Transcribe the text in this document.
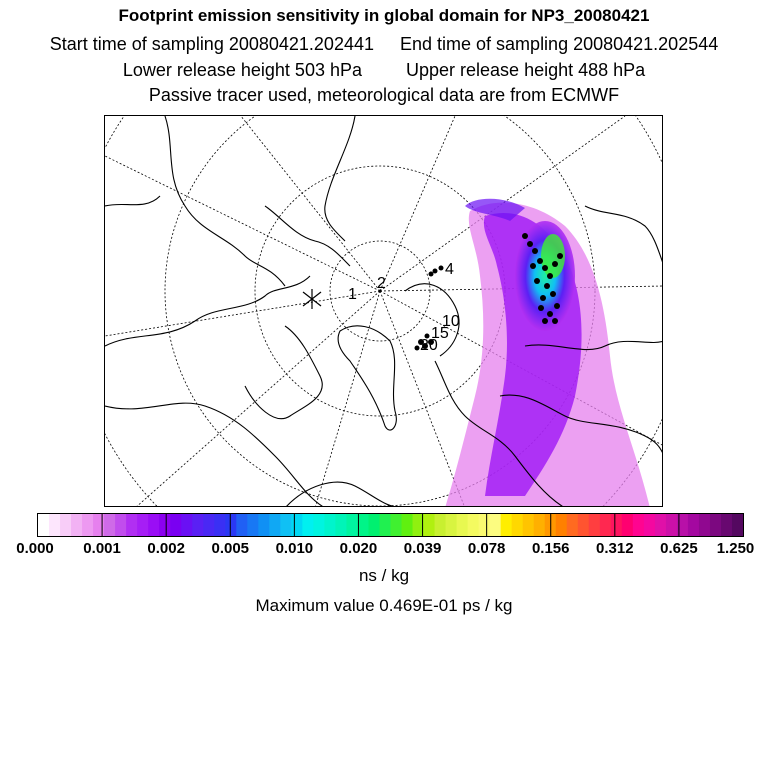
Footprint emission sensitivity in global domain for NP3_20080421
Start time of sampling 20080421.202441 End time of sampling 20080421.202544
Lower release height 503 hPa Upper release height 488 hPa
Passive tracer used, meteorological data are from ECMWF
1
2
4
10
15
20
0.000 0.001 0.002 0.005 0.010 0.020 0.039 0.078 0.156 0.312 0.625 1.250
ns / kg
Maximum value 0.469E-01 ps / kg
